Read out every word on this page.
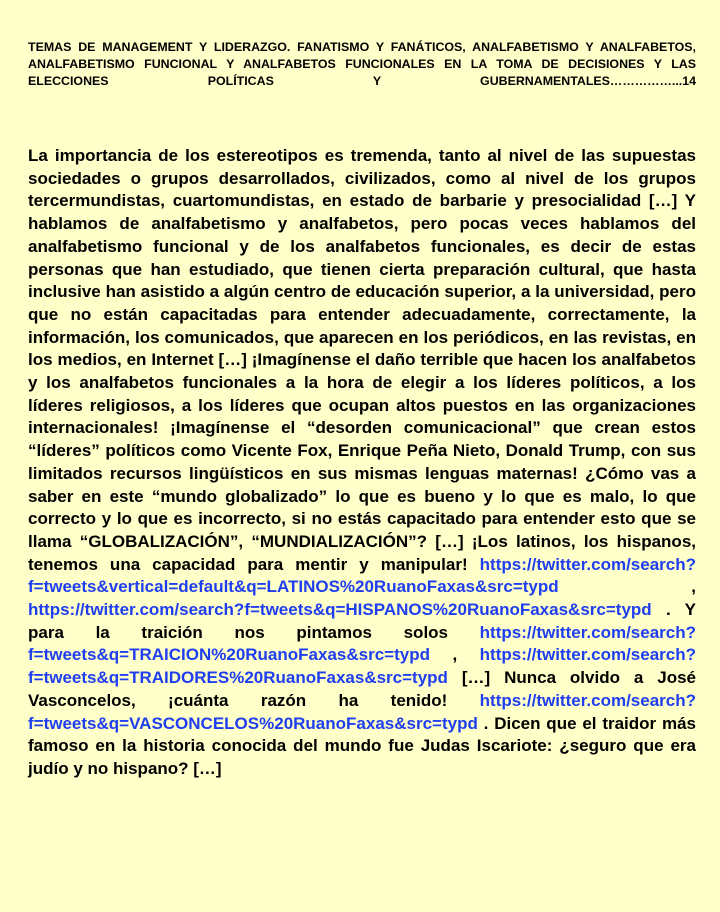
TEMAS DE MANAGEMENT Y LIDERAZGO. FANATISMO Y FANÁTICOS, ANALFABETISMO Y ANALFABETOS, ANALFABETISMO FUNCIONAL Y ANALFABETOS FUNCIONALES EN LA TOMA DE DECISIONES Y LAS ELECCIONES POLÍTICAS Y GUBERNAMENTALES……………...14
La importancia de los estereotipos es tremenda, tanto al nivel de las supuestas sociedades o grupos desarrollados, civilizados, como al nivel de los grupos tercermundistas, cuartomundistas, en estado de barbarie y presocialidad […] Y hablamos de analfabetismo y analfabetos, pero pocas veces hablamos del analfabetismo funcional y de los analfabetos funcionales, es decir de estas personas que han estudiado, que tienen cierta preparación cultural, que hasta inclusive han asistido a algún centro de educación superior, a la universidad, pero que no están capacitadas para entender adecuadamente, correctamente, la información, los comunicados, que aparecen en los periódicos, en las revistas, en los medios, en Internet […] ¡Imagínense el daño terrible que hacen los analfabetos y los analfabetos funcionales a la hora de elegir a los líderes políticos, a los líderes religiosos, a los líderes que ocupan altos puestos en las organizaciones internacionales! ¡Imagínense el “desorden comunicacional” que crean estos “líderes” políticos como Vicente Fox, Enrique Peña Nieto, Donald Trump, con sus limitados recursos lingüísticos en sus mismas lenguas maternas! ¿Cómo vas a saber en este “mundo globalizado” lo que es bueno y lo que es malo, lo que correcto y lo que es incorrecto, si no estás capacitado para entender esto que se llama “GLOBALIZACIÓN”, “MUNDIALIZACIÓN”? […] ¡Los latinos, los hispanos, tenemos una capacidad para mentir y manipular! https://twitter.com/search?f=tweets&vertical=default&q=LATINOS%20RuanoFaxas&src=typd , https://twitter.com/search?f=tweets&q=HISPANOS%20RuanoFaxas&src=typd . Y para la traición nos pintamos solos https://twitter.com/search?f=tweets&q=TRAICION%20RuanoFaxas&src=typd , https://twitter.com/search?f=tweets&q=TRAIDORES%20RuanoFaxas&src=typd […] Nunca olvido a José Vasconcelos, ¡cuánta razón ha tenido! https://twitter.com/search?f=tweets&q=VASCONCELOS%20RuanoFaxas&src=typd . Dicen que el traidor más famoso en la historia conocida del mundo fue Judas Iscariote: ¿seguro que era judío y no hispano? […]
